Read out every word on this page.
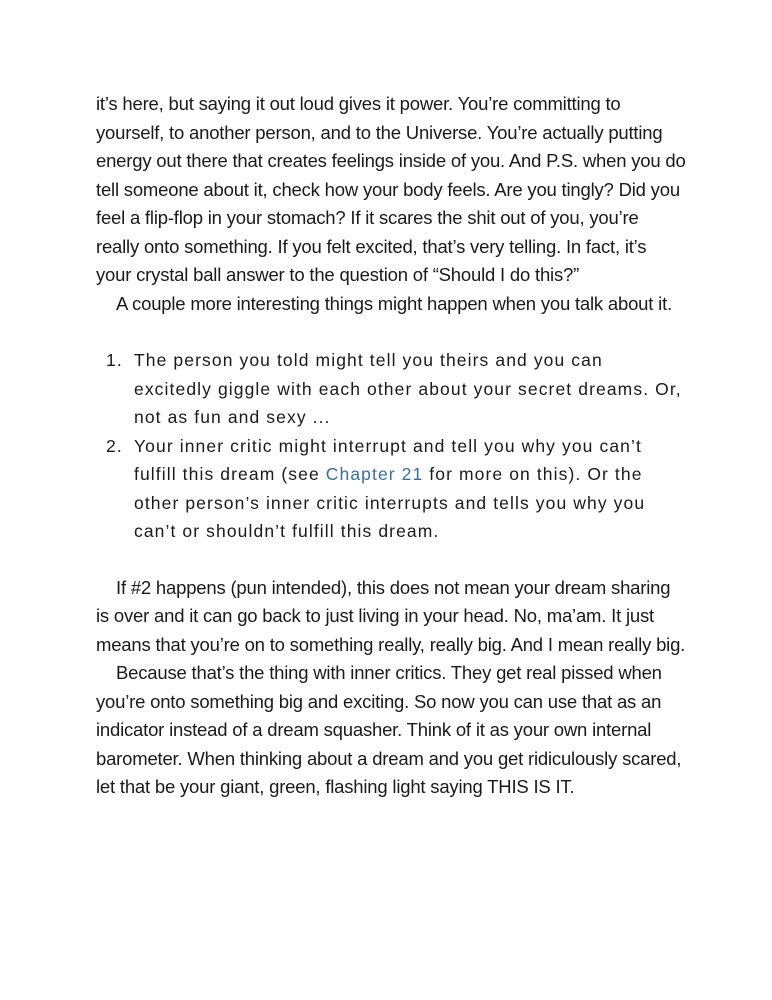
it’s here, but saying it out loud gives it power. You’re committing to yourself, to another person, and to the Universe. You’re actually putting energy out there that creates feelings inside of you. And P.S. when you do tell someone about it, check how your body feels. Are you tingly? Did you feel a flip-flop in your stomach? If it scares the shit out of you, you’re really onto something. If you felt excited, that’s very telling. In fact, it’s your crystal ball answer to the question of “Should I do this?”

A couple more interesting things might happen when you talk about it.

1. The person you told might tell you theirs and you can excitedly giggle with each other about your secret dreams. Or, not as fun and sexy ...
2. Your inner critic might interrupt and tell you why you can’t fulfill this dream (see Chapter 21 for more on this). Or the other person’s inner critic interrupts and tells you why you can’t or shouldn’t fulfill this dream.

If #2 happens (pun intended), this does not mean your dream sharing is over and it can go back to just living in your head. No, ma’am. It just means that you’re on to something really, really big. And I mean really big.

Because that’s the thing with inner critics. They get real pissed when you’re onto something big and exciting. So now you can use that as an indicator instead of a dream squasher. Think of it as your own internal barometer. When thinking about a dream and you get ridiculously scared, let that be your giant, green, flashing light saying THIS IS IT.
